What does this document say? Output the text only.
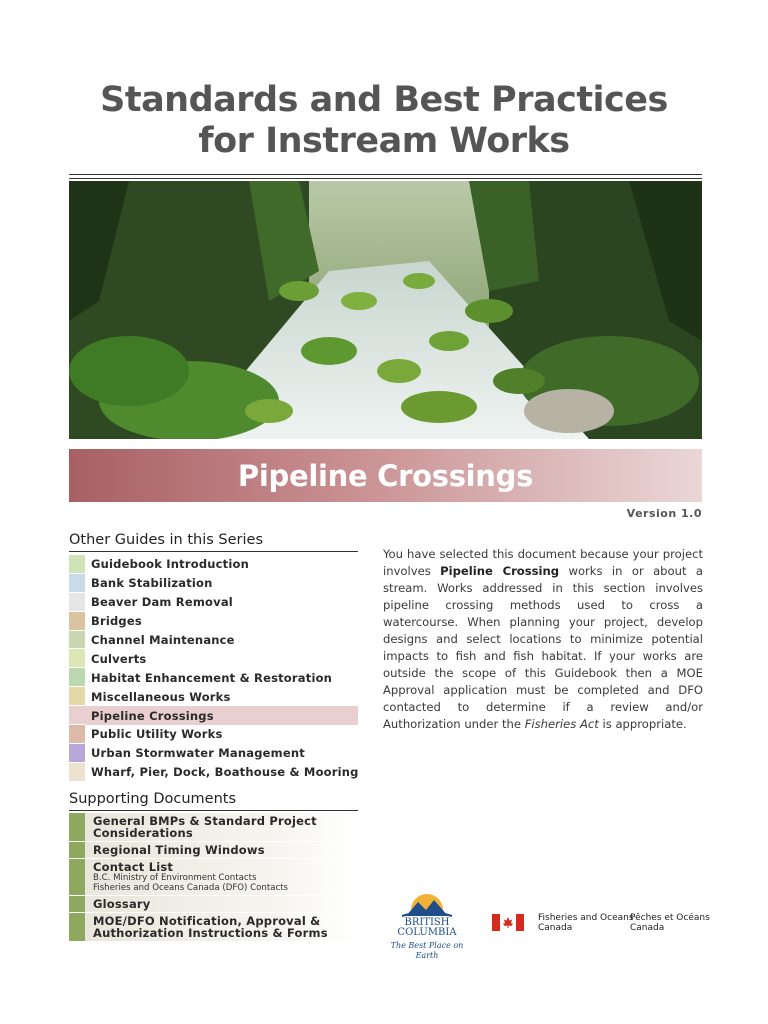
Standards and Best Practices
for Instream Works
Pipeline Crossings
Version 1.0
Other Guides in this Series
Guidebook Introduction
Bank Stabilization
Beaver Dam Removal
Bridges
Channel Maintenance
Culverts
Habitat Enhancement & Restoration
Miscellaneous Works
Pipeline Crossings
Public Utility Works
Urban Stormwater Management
Wharf, Pier, Dock, Boathouse & Mooring
Supporting Documents
General BMPs & Standard Project
Considerations
Regional Timing Windows
Contact List
B.C. Ministry of Environment Contacts
Fisheries and Oceans Canada (DFO) Contacts
Glossary
MOE/DFO Notification, Approval &
Authorization Instructions & Forms
You have selected this document because your project involves Pipeline Crossing works in or about a stream. Works addressed in this section involves pipeline crossing methods used to cross a watercourse. When planning your project, develop designs and select locations to minimize potential impacts to fish and fish habitat. If your works are outside the scope of this Guidebook then a MOE Approval application must be completed and DFO contacted to determine if a review and/or Authorization under the Fisheries Act is appropriate.
BRITISH
COLUMBIA
The Best Place on Earth
Fisheries and Oceans
Canada
Pêches et Océans
Canada
